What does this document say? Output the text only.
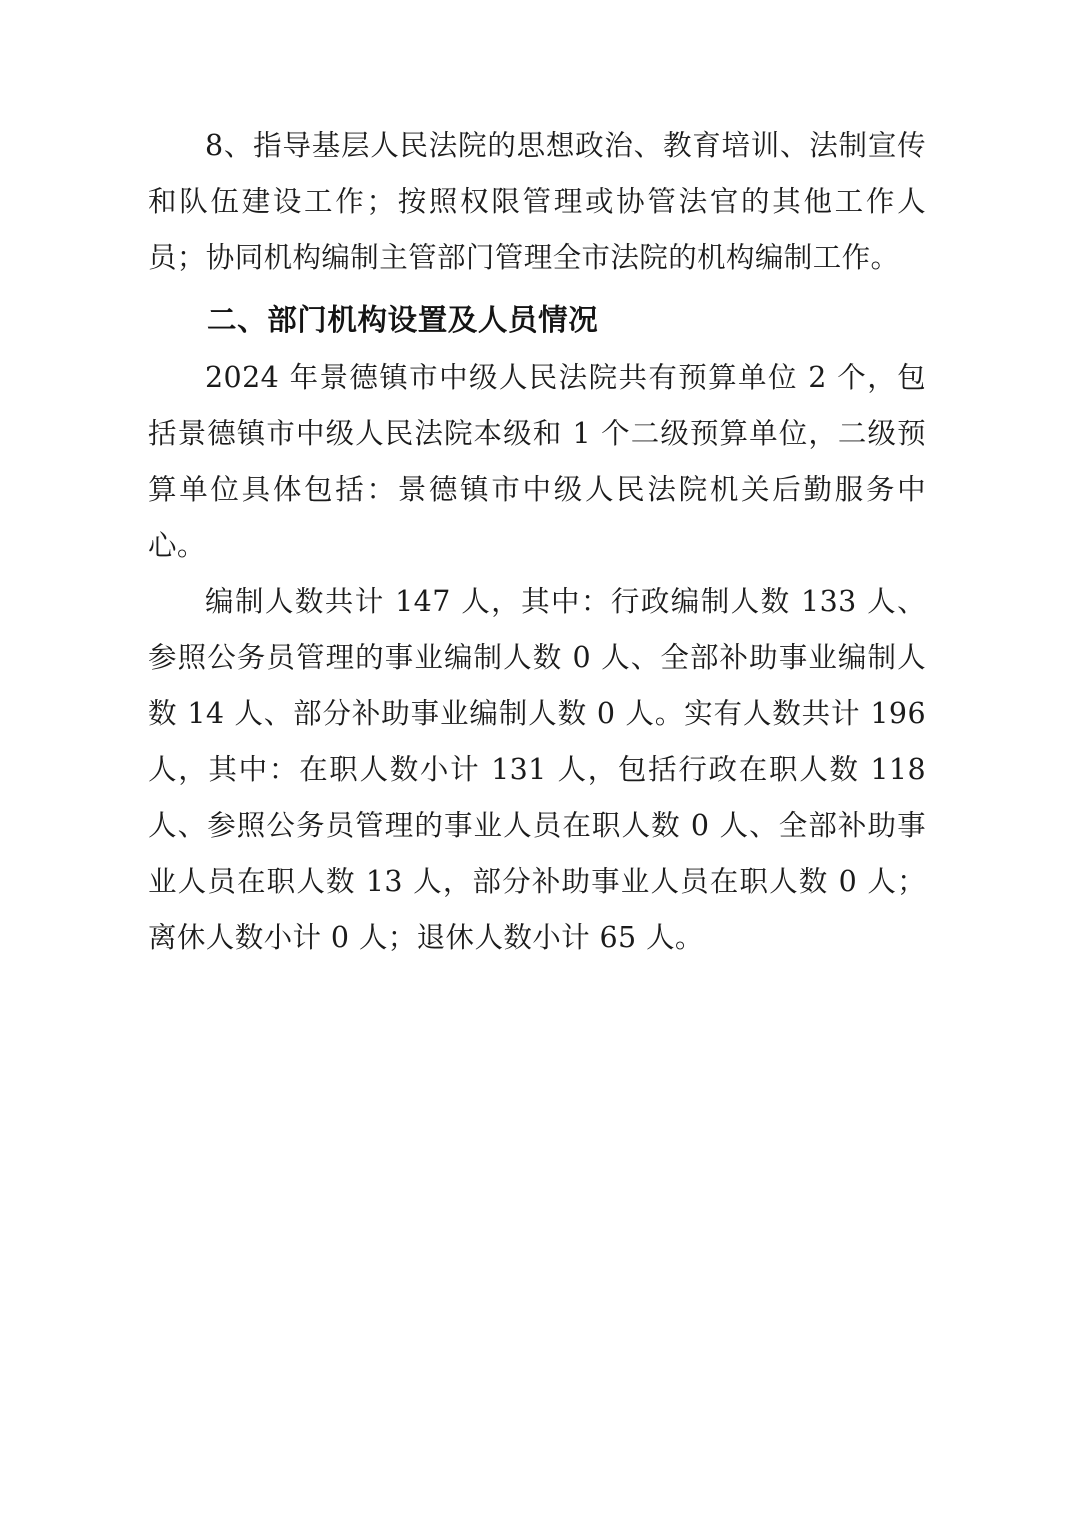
8、指导基层人民法院的思想政治、教育培训、法制宣传和队伍建设工作；按照权限管理或协管法官的其他工作人员；协同机构编制主管部门管理全市法院的机构编制工作。

二、部门机构设置及人员情况

2024 年景德镇市中级人民法院共有预算单位 2 个，包括景德镇市中级人民法院本级和 1 个二级预算单位，二级预算单位具体包括：景德镇市中级人民法院机关后勤服务中心。

编制人数共计 147 人，其中：行政编制人数 133 人、参照公务员管理的事业编制人数 0 人、全部补助事业编制人数 14 人、部分补助事业编制人数 0 人。实有人数共计 196 人，其中：在职人数小计 131 人，包括行政在职人数 118 人、参照公务员管理的事业人员在职人数 0 人、全部补助事业人员在职人数 13 人，部分补助事业人员在职人数 0 人；离休人数小计 0 人；退休人数小计 65 人。
